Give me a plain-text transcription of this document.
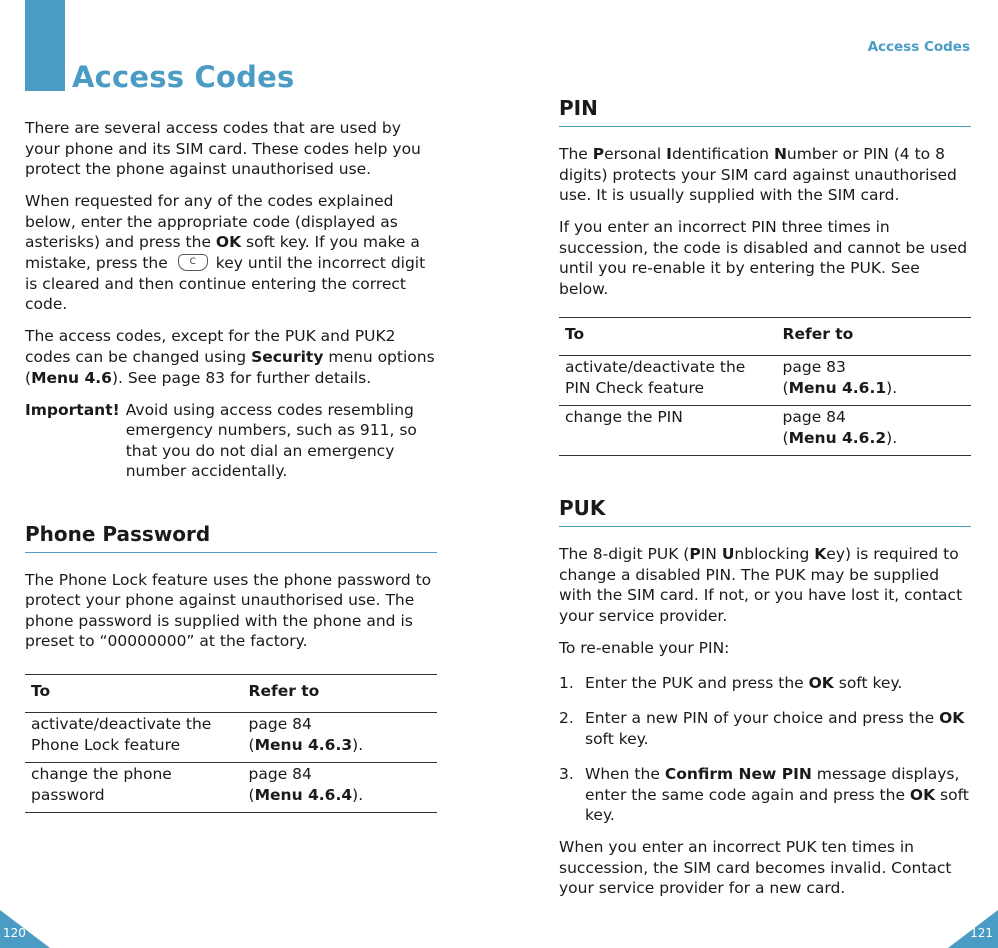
Access Codes

There are several access codes that are used by your phone and its SIM card. These codes help you protect the phone against unauthorised use.

When requested for any of the codes explained below, enter the appropriate code (displayed as asterisks) and press the OK soft key. If you make a mistake, press the	C	key until the incorrect digit is cleared and then continue entering the correct code.

The access codes, except for the PUK and PUK2 codes can be changed using Security menu options (Menu 4.6). See page 83 for further details.

Important! Avoid using access codes resembling emergency numbers, such as 911, so that you do not dial an emergency number accidentally.
Phone Password

The Phone Lock feature uses the phone password to protect your phone against unauthorised use. The phone password is supplied with the phone and is preset to “00000000” at the factory.

To	Refer to
activate/deactivate the Phone Lock feature	page 84
(Menu 4.6.3).
change the phone password	page 84
(Menu 4.6.4).
120
Access Codes
PIN

The Personal Identification Number or PIN (4 to 8 digits) protects your SIM card against unauthorised use. It is usually supplied with the SIM card.

If you enter an incorrect PIN three times in succession, the code is disabled and cannot be used until you re-enable it by entering the PUK. See below.

To	Refer to
activate/deactivate the PIN Check feature	page 83
(Menu 4.6.1).
change the PIN	page 84
(Menu 4.6.2).
PUK

The 8-digit PUK (PIN Unblocking Key) is required to change a disabled PIN. The PUK may be supplied with the SIM card. If not, or you have lost it, contact your service provider.

To re-enable your PIN:

1. Enter the PUK and press the OK soft key.
2. Enter a new PIN of your choice and press the OK soft key.
3. When the Confirm New PIN message displays, enter the same code again and press the OK soft key.

When you enter an incorrect PUK ten times in succession, the SIM card becomes invalid. Contact your service provider for a new card.

121
